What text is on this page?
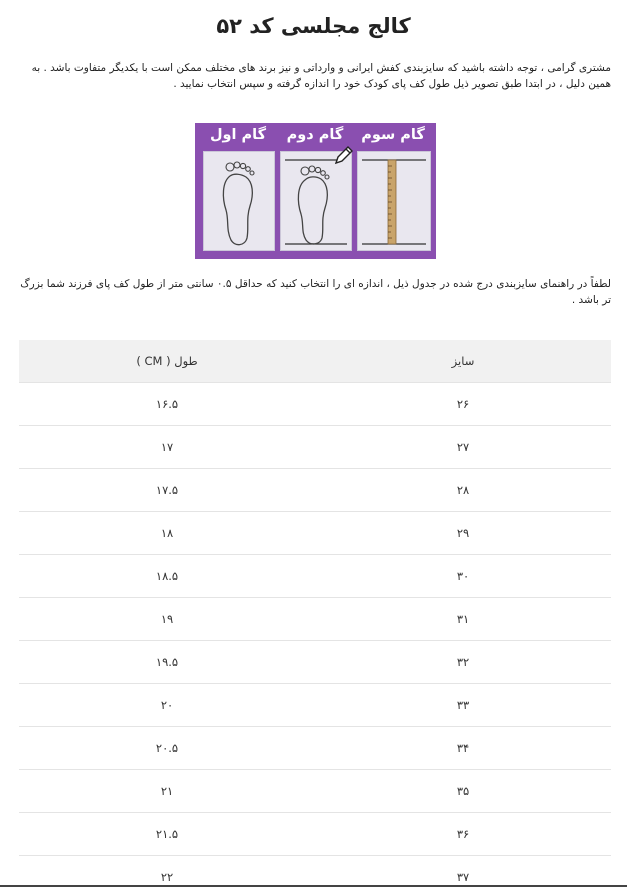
کالج مجلسی کد ۵۲
مشتری گرامی ، توجه داشته باشید که سایزبندی کفش ایرانی و وارداتی و نیز برند های مختلف ممکن است با یکدیگر متفاوت باشد . به همین دلیل ، در ابتدا طبق تصویر ذیل طول کف پای کودک خود را اندازه گرفته و سپس انتخاب نمایید .
گام اول	گام دوم	گام سوم
لطفاً در راهنمای سایزبندی درج شده در جدول ذیل ، اندازه ای را انتخاب کنید که حداقل ۰.۵ سانتی متر از طول کف پای فرزند شما بزرگ تر باشد .
سایز	طول ( CM )
۲۶	۱۶.۵
۲۷	۱۷
۲۸	۱۷.۵
۲۹	۱۸
۳۰	۱۸.۵
۳۱	۱۹
۳۲	۱۹.۵
۳۳	۲۰
۳۴	۲۰.۵
۳۵	۲۱
۳۶	۲۱.۵
۳۷	۲۲
